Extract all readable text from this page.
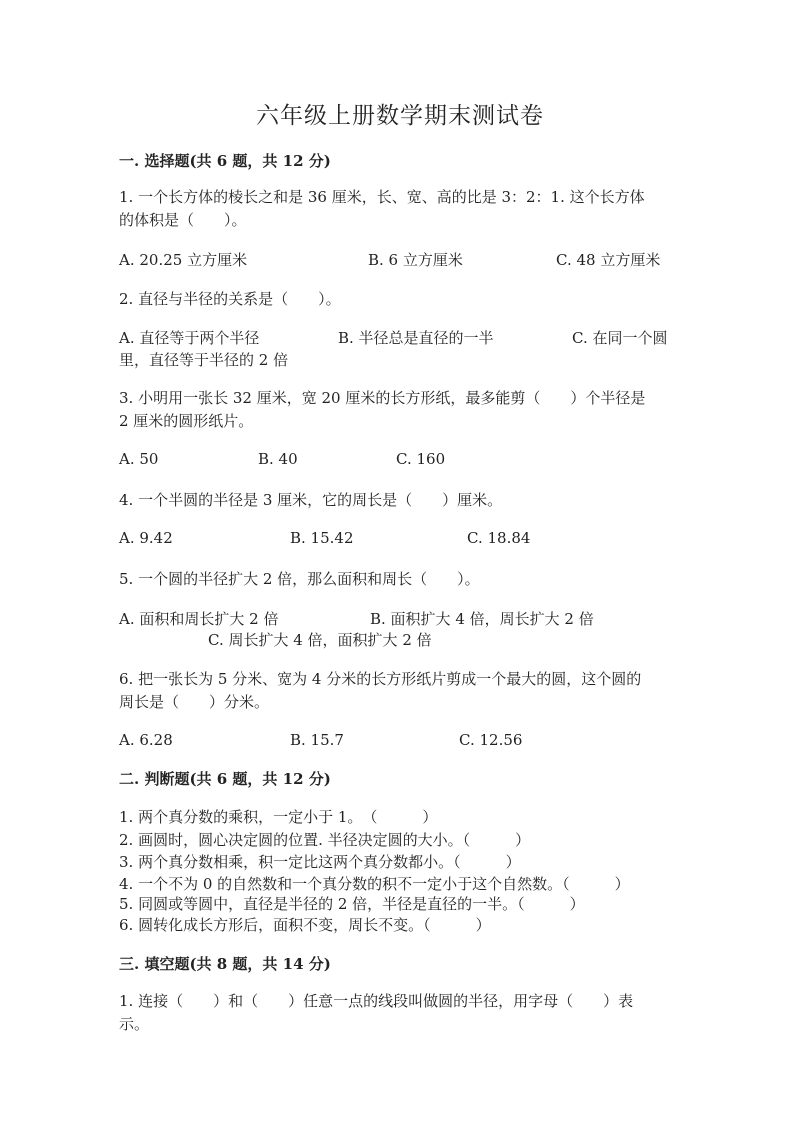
六年级上册数学期末测试卷
一. 选择题(共 6 题，共 12 分)
1. 一个长方体的棱长之和是 36 厘米，长、宽、高的比是 3：2：1. 这个长方体
的体积是（　　）。
A. 20.25 立方厘米	B. 6 立方厘米	C. 48 立方厘米
2. 直径与半径的关系是（　　）。
A. 直径等于两个半径	B. 半径总是直径的一半	C. 在同一个圆
里，直径等于半径的 2 倍
3. 小明用一张长 32 厘米，宽 20 厘米的长方形纸，最多能剪（　　）个半径是
2 厘米的圆形纸片。
A. 50	B. 40	C. 160
4. 一个半圆的半径是 3 厘米，它的周长是（　　）厘米。
A. 9.42	B. 15.42	C. 18.84
5. 一个圆的半径扩大 2 倍，那么面积和周长（　　）。
A. 面积和周长扩大 2 倍	B. 面积扩大 4 倍，周长扩大 2 倍
C. 周长扩大 4 倍，面积扩大 2 倍
6. 把一张长为 5 分米、宽为 4 分米的长方形纸片剪成一个最大的圆，这个圆的
周长是（　　）分米。
A. 6.28	B. 15.7	C. 12.56
二. 判断题(共 6 题，共 12 分)
1. 两个真分数的乘积，一定小于 1。　（　　　）
2. 画圆时，圆心决定圆的位置. 半径决定圆的大小。（　　　）
3. 两个真分数相乘，积一定比这两个真分数都小。（　　　）
4. 一个不为 0 的自然数和一个真分数的积不一定小于这个自然数。（　　　）
5. 同圆或等圆中，直径是半径的 2 倍，半径是直径的一半。（　　　）
6. 圆转化成长方形后，面积不变，周长不变。（　　　）
三. 填空题(共 8 题，共 14 分)
1. 连接（　　）和（　　）任意一点的线段叫做圆的半径，用字母（　　）表
示。
